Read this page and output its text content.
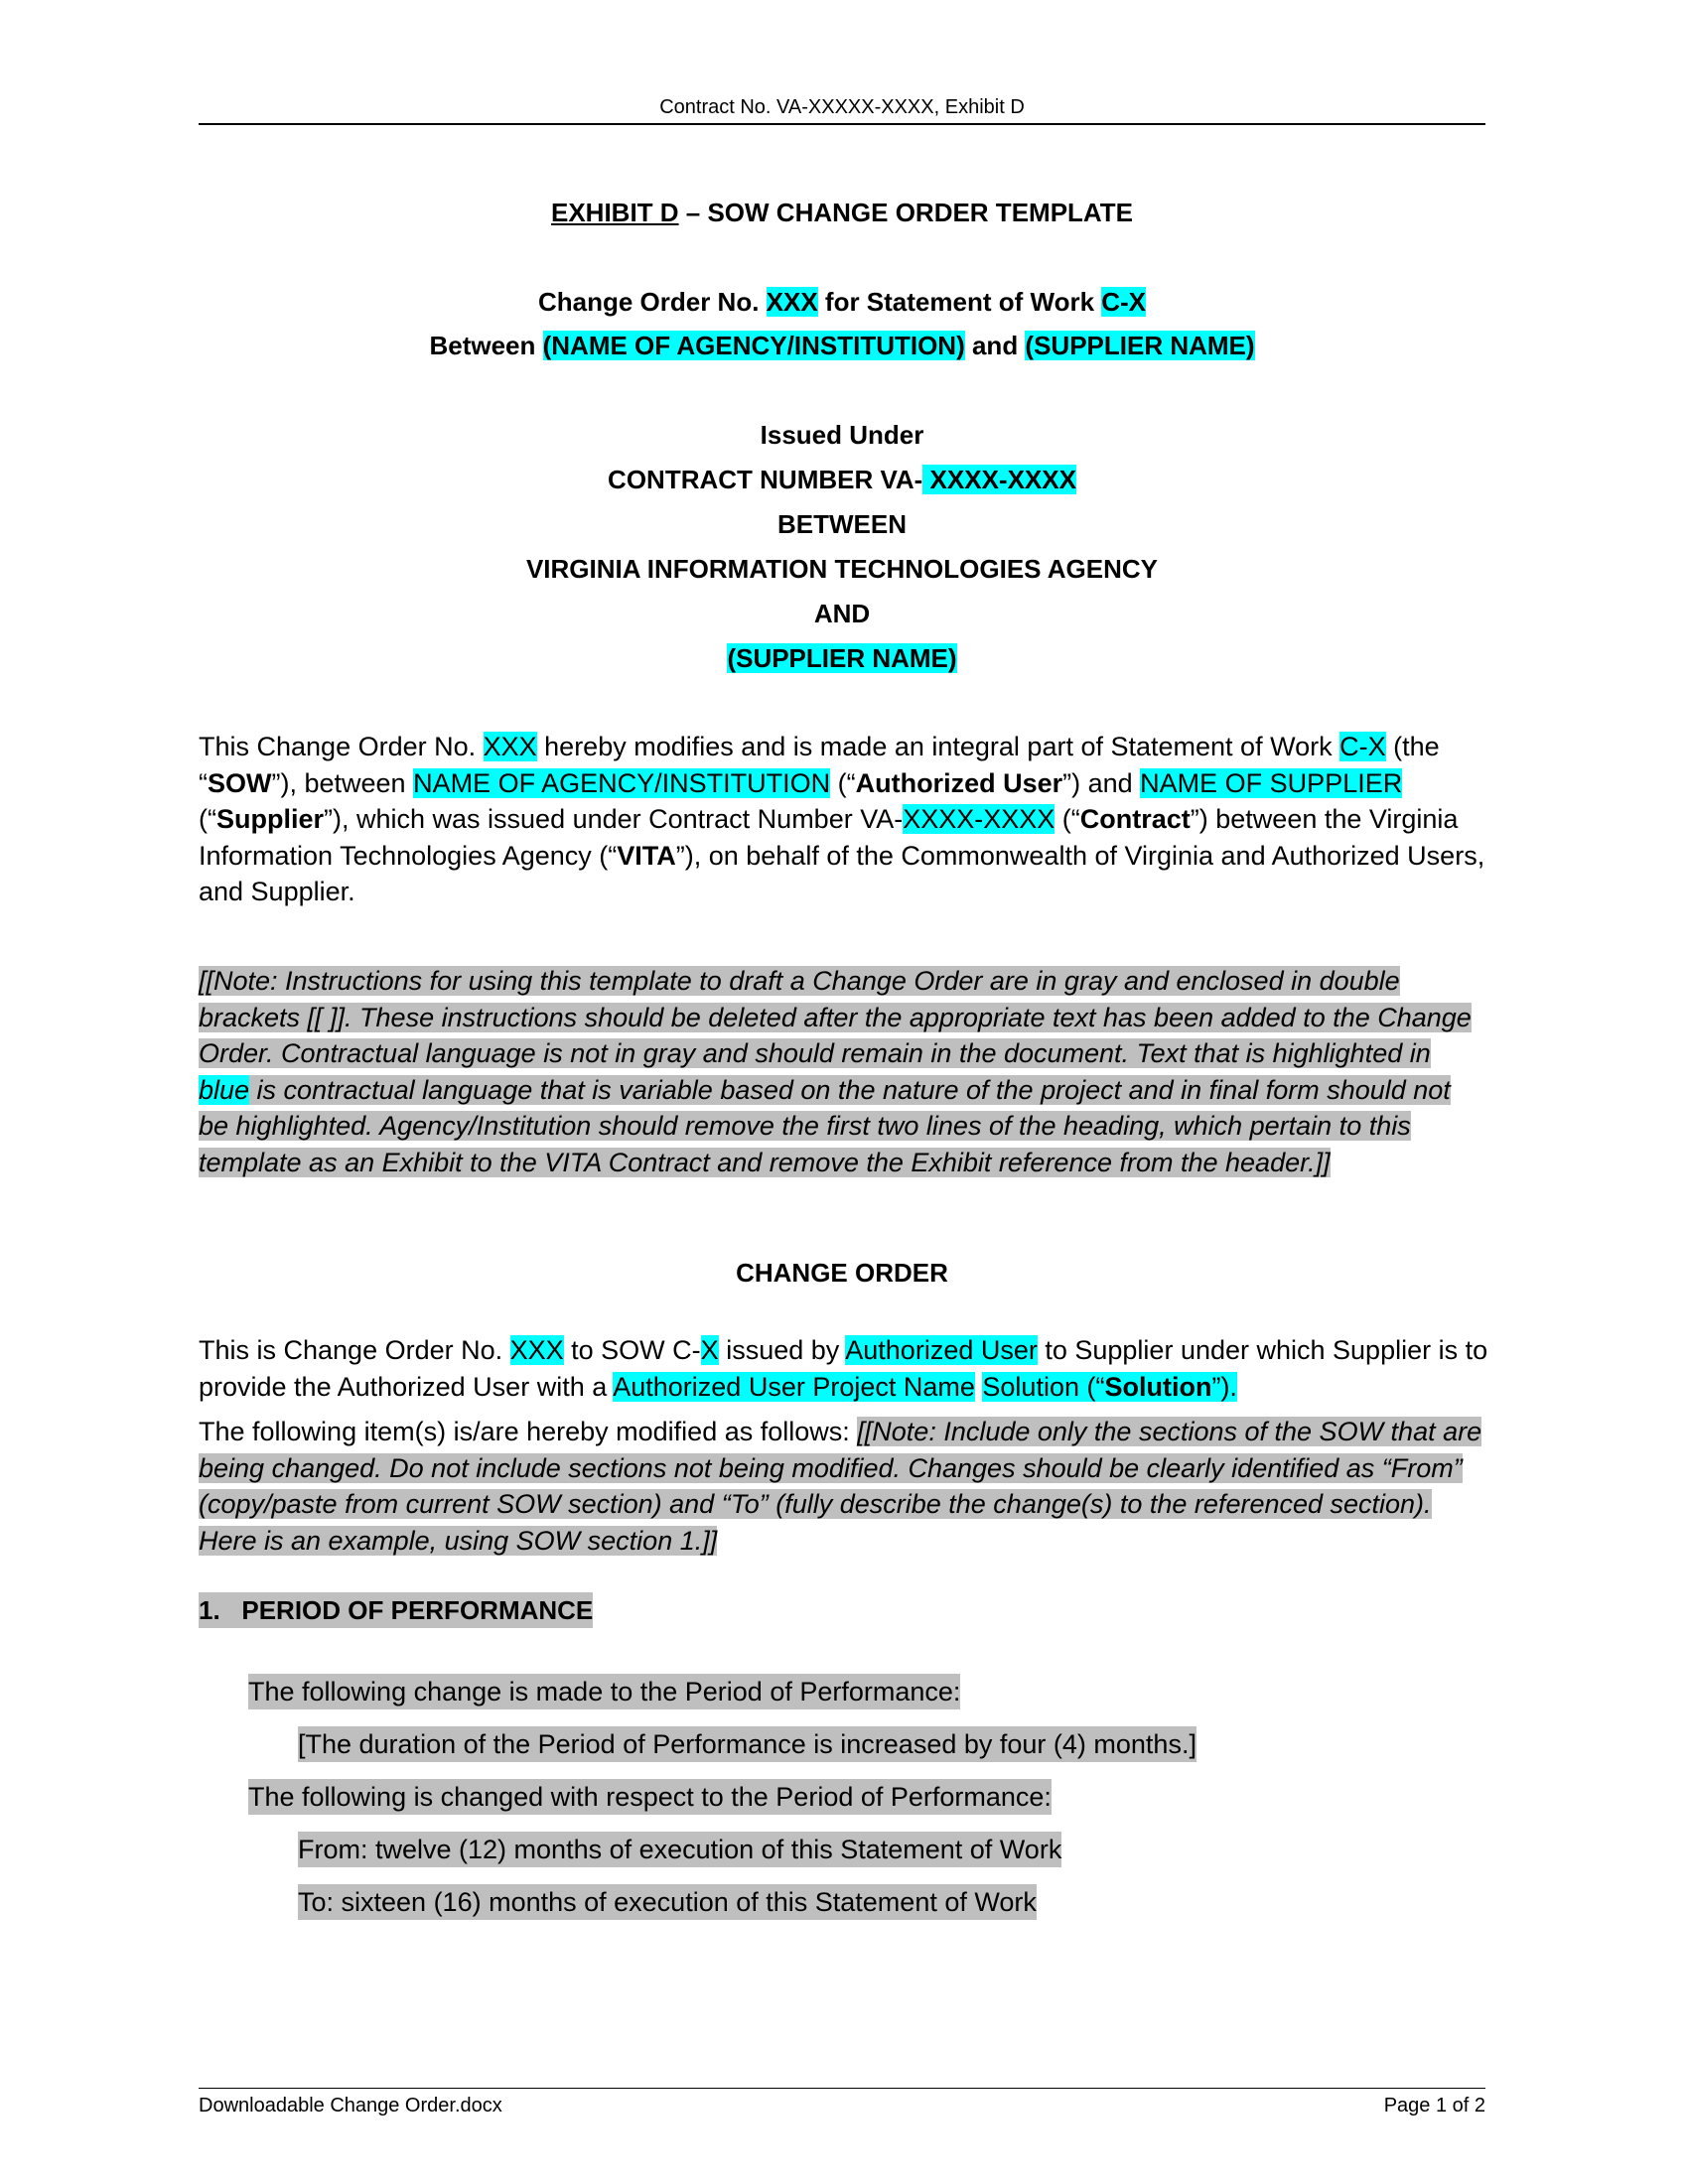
Contract No. VA-XXXXX-XXXX, Exhibit D
EXHIBIT D – SOW CHANGE ORDER TEMPLATE
Change Order No. XXX for Statement of Work C-X
Between (NAME OF AGENCY/INSTITUTION) and (SUPPLIER NAME)
Issued Under
CONTRACT NUMBER VA- XXXX-XXXX
BETWEEN
VIRGINIA INFORMATION TECHNOLOGIES AGENCY
AND
(SUPPLIER NAME)
This Change Order No. XXX hereby modifies and is made an integral part of Statement of Work C-X (the “SOW”), between NAME OF AGENCY/INSTITUTION (“Authorized User”) and NAME OF SUPPLIER
(“Supplier”), which was issued under Contract Number VA-XXXX-XXXX (“Contract”) between the Virginia Information Technologies Agency (“VITA”), on behalf of the Commonwealth of Virginia and Authorized Users, and Supplier.
[[Note: Instructions for using this template to draft a Change Order are in gray and enclosed in double brackets [[ ]]. These instructions should be deleted after the appropriate text has been added to the Change Order. Contractual language is not in gray and should remain in the document. Text that is highlighted in blue is contractual language that is variable based on the nature of the project and in final form should not be highlighted. Agency/Institution should remove the first two lines of the heading, which pertain to this template as an Exhibit to the VITA Contract and remove the Exhibit reference from the header.]]
CHANGE ORDER
This is Change Order No. XXX to SOW C-X issued by Authorized User to Supplier under which Supplier is to provide the Authorized User with a Authorized User Project Name Solution (“Solution”).
The following item(s) is/are hereby modified as follows: [[Note: Include only the sections of the SOW that are being changed. Do not include sections not being modified. Changes should be clearly identified as “From” (copy/paste from current SOW section) and “To” (fully describe the change(s) to the referenced section). Here is an example, using SOW section 1.]]
1. PERIOD OF PERFORMANCE
The following change is made to the Period of Performance:
[The duration of the Period of Performance is increased by four (4) months.]
The following is changed with respect to the Period of Performance:
From: twelve (12) months of execution of this Statement of Work
To: sixteen (16) months of execution of this Statement of Work
Downloadable Change Order.docx	Page 1 of 2
